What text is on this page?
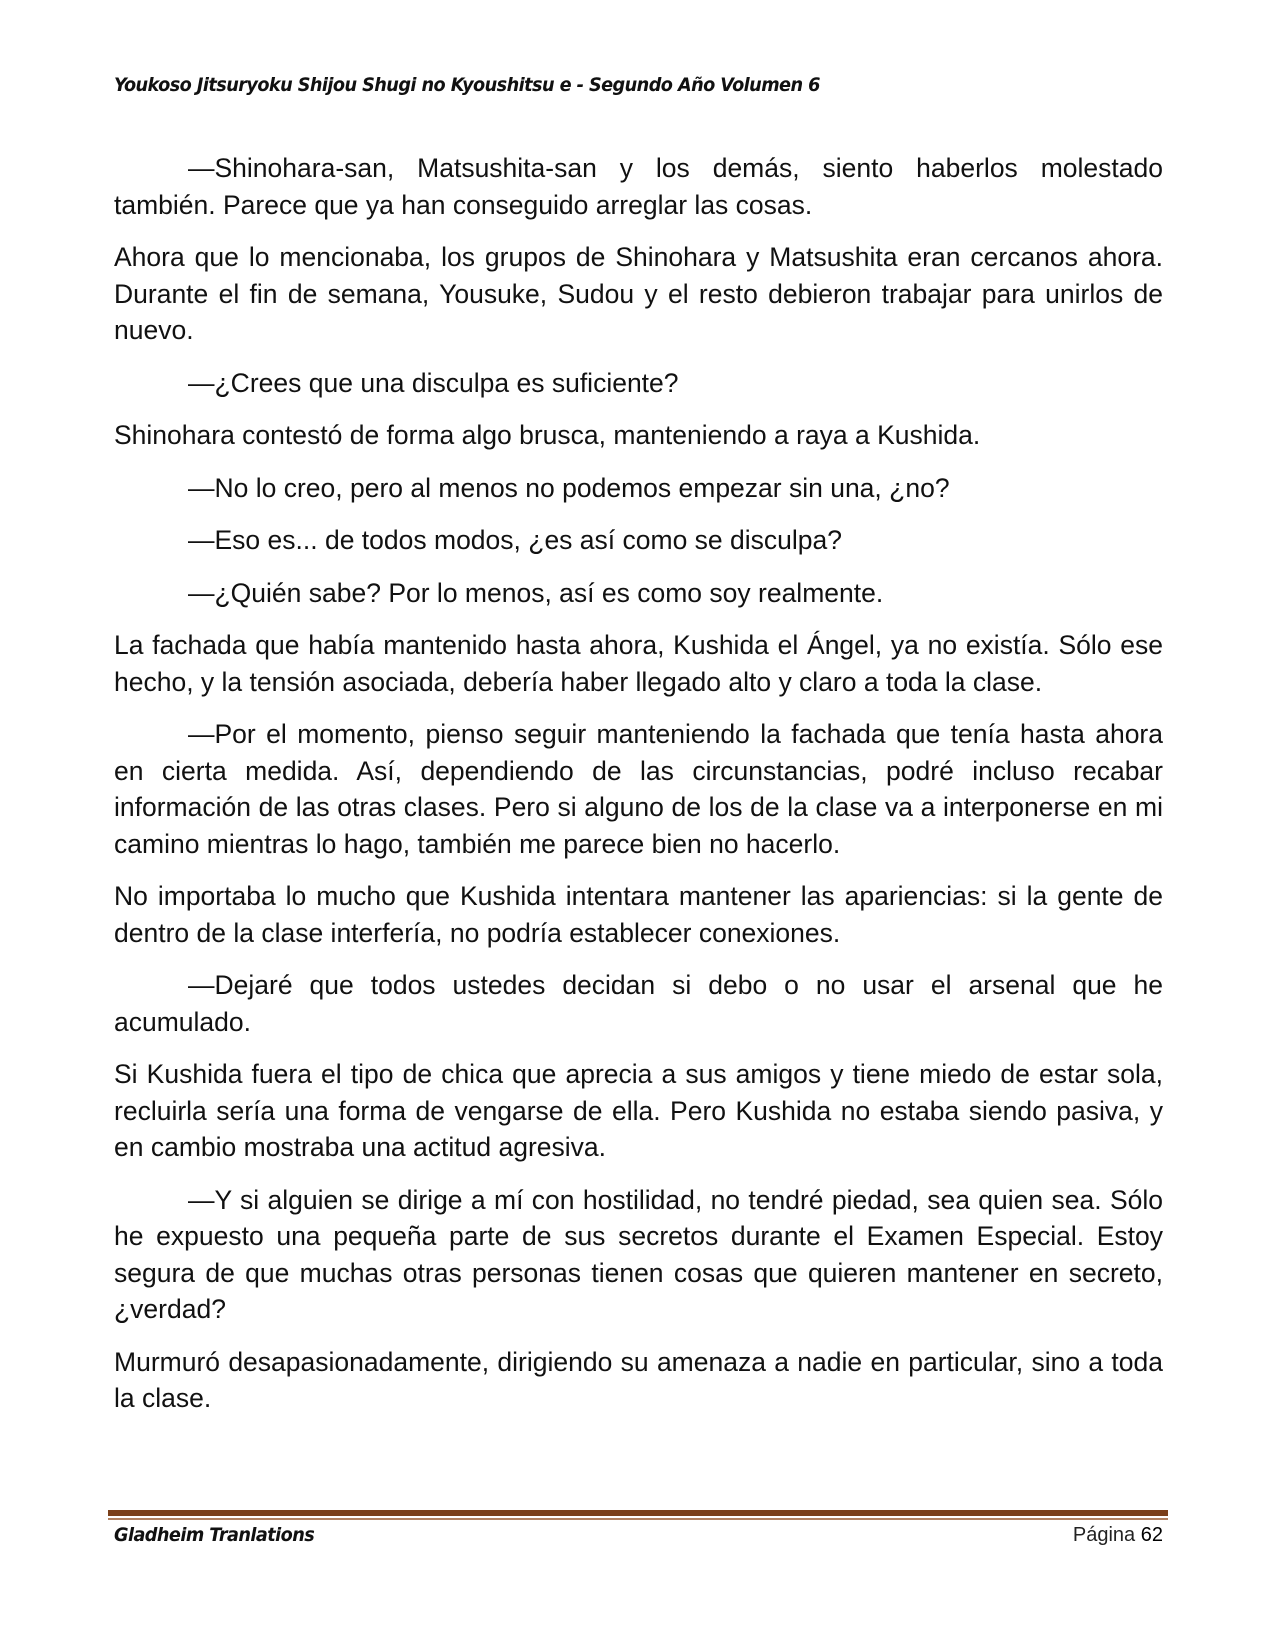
Youkoso Jitsuryoku Shijou Shugi no Kyoushitsu e - Segundo Año Volumen 6

—Shinohara-san, Matsushita-san y los demás, siento haberlos molestado también. Parece que ya han conseguido arreglar las cosas.

Ahora que lo mencionaba, los grupos de Shinohara y Matsushita eran cercanos ahora. Durante el fin de semana, Yousuke, Sudou y el resto debieron trabajar para unirlos de nuevo.

—¿Crees que una disculpa es suficiente?

Shinohara contestó de forma algo brusca, manteniendo a raya a Kushida.

—No lo creo, pero al menos no podemos empezar sin una, ¿no?

—Eso es... de todos modos, ¿es así como se disculpa?

—¿Quién sabe? Por lo menos, así es como soy realmente.

La fachada que había mantenido hasta ahora, Kushida el Ángel, ya no existía. Sólo ese hecho, y la tensión asociada, debería haber llegado alto y claro a toda la clase.

—Por el momento, pienso seguir manteniendo la fachada que tenía hasta ahora en cierta medida. Así, dependiendo de las circunstancias, podré incluso recabar información de las otras clases. Pero si alguno de los de la clase va a interponerse en mi camino mientras lo hago, también me parece bien no hacerlo.

No importaba lo mucho que Kushida intentara mantener las apariencias: si la gente de dentro de la clase interfería, no podría establecer conexiones.

—Dejaré que todos ustedes decidan si debo o no usar el arsenal que he acumulado.

Si Kushida fuera el tipo de chica que aprecia a sus amigos y tiene miedo de estar sola, recluirla sería una forma de vengarse de ella. Pero Kushida no estaba siendo pasiva, y en cambio mostraba una actitud agresiva.

—Y si alguien se dirige a mí con hostilidad, no tendré piedad, sea quien sea. Sólo he expuesto una pequeña parte de sus secretos durante el Examen Especial. Estoy segura de que muchas otras personas tienen cosas que quieren mantener en secreto, ¿verdad?

Murmuró desapasionadamente, dirigiendo su amenaza a nadie en particular, sino a toda la clase.

Gladheim Tranlations	Página 62
